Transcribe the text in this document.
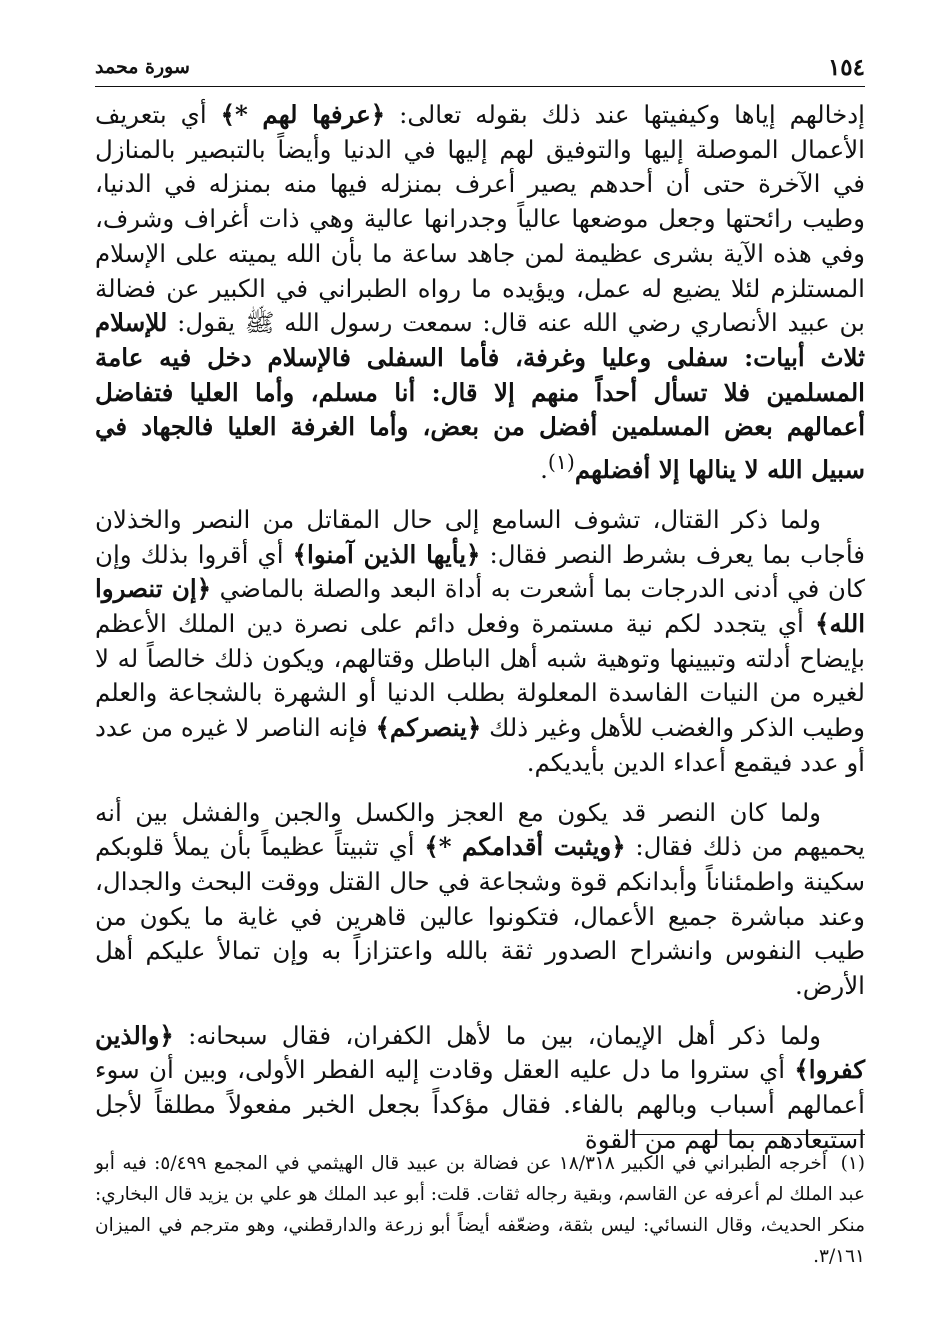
١٥٤
سورة محمد

إدخالهم إياها وكيفيتها عند ذلك بقوله تعالى: ﴿عرفها لهم *﴾ أي بتعريف الأعمال الموصلة إليها والتوفيق لهم إليها في الدنيا وأيضاً بالتبصير بالمنازل في الآخرة حتى أن أحدهم يصير أعرف بمنزله فيها منه بمنزله في الدنيا، وطيب رائحتها وجعل موضعها عالياً وجدرانها عالية وهي ذات أغراف وشرف، وفي هذه الآية بشرى عظيمة لمن جاهد ساعة ما بأن الله يميته على الإسلام المستلزم لئلا يضيع له عمل، ويؤيده ما رواه الطبراني في الكبير عن فضالة بن عبيد الأنصاري رضي الله عنه قال: سمعت رسول الله ﷺ يقول: للإسلام ثلاث أبيات: سفلى وعليا وغرفة، فأما السفلى فالإسلام دخل فيه عامة المسلمين فلا تسأل أحداً منهم إلا قال: أنا مسلم، وأما العليا فتفاضل أعمالهم بعض المسلمين أفضل من بعض، وأما الغرفة العليا فالجهاد في سبيل الله لا ينالها إلا أفضلهم$^{(١)}$.

ولما ذكر القتال، تشوف السامع إلى حال المقاتل من النصر والخذلان فأجاب بما يعرف بشرط النصر فقال: ﴿يأيها الذين آمنوا﴾ أي أقروا بذلك وإن كان في أدنى الدرجات بما أشعرت به أداة البعد والصلة بالماضي ﴿إن تنصروا الله﴾ أي يتجدد لكم نية مستمرة وفعل دائم على نصرة دين الملك الأعظم بإيضاح أدلته وتبيينها وتوهية شبه أهل الباطل وقتالهم، ويكون ذلك خالصاً له لا لغيره من النيات الفاسدة المعلولة بطلب الدنيا أو الشهرة بالشجاعة والعلم وطيب الذكر والغضب للأهل وغير ذلك ﴿ينصركم﴾ فإنه الناصر لا غيره من عدد أو عدد فيقمع أعداء الدين بأيديكم.

ولما كان النصر قد يكون مع العجز والكسل والجبن والفشل بين أنه يحميهم من ذلك فقال: ﴿ويثبت أقدامكم *﴾ أي تثبيتاً عظيماً بأن يملأ قلوبكم سكينة واطمئناناً وأبدانكم قوة وشجاعة في حال القتل ووقت البحث والجدال، وعند مباشرة جميع الأعمال، فتكونوا عالين قاهرين في غاية ما يكون من طيب النفوس وانشراح الصدور ثقة بالله واعتزازاً به وإن تمالأ عليكم أهل الأرض.

ولما ذكر أهل الإيمان، بين ما لأهل الكفران، فقال سبحانه: ﴿والذين كفروا﴾ أي ستروا ما دل عليه العقل وقادت إليه الفطر الأولى، وبين أن سوء أعمالهم أسباب وبالهم بالفاء. فقال مؤكداً بجعل الخبر مفعولاً مطلقاً لأجل استبعادهم بما لهم من القوة

(١)أخرجه الطبراني في الكبير ١٨/٣١٨ عن فضالة بن عبيد قال الهيثمي في المجمع ٥/٤٩٩: فيه أبو عبد الملك لم أعرفه عن القاسم، وبقية رجاله ثقات. قلت: أبو عبد الملك هو علي بن يزيد قال البخاري: منكر الحديث، وقال النسائي: ليس بثقة، وضعّفه أيضاً أبو زرعة والدارقطني، وهو مترجم في الميزان ٣/١٦١.
